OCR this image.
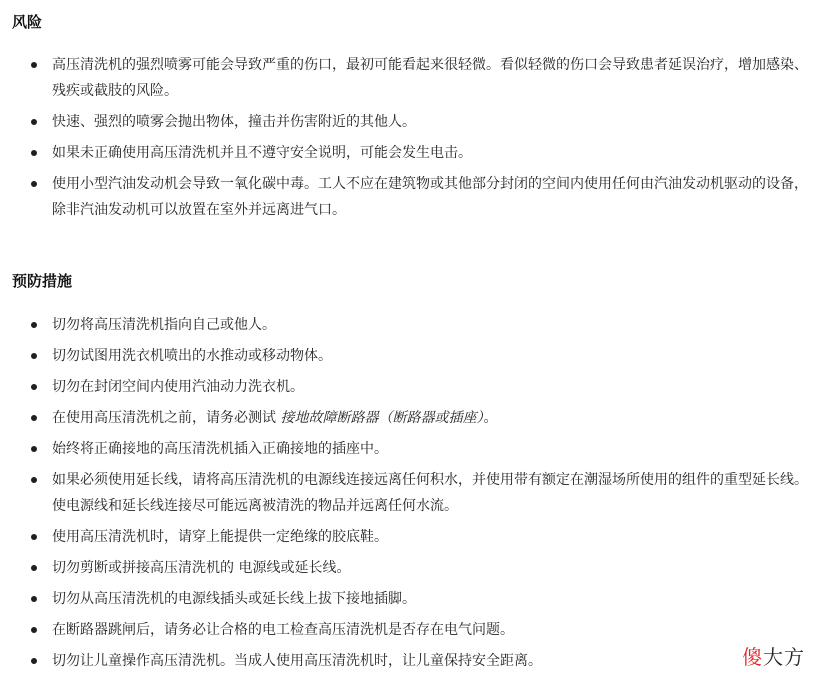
风险
高压清洗机的强烈喷雾可能会导致严重的伤口，最初可能看起来很轻微。看似轻微的伤口会导致患者延误治疗，增加感染、残疾或截肢的风险。
快速、强烈的喷雾会抛出物体，撞击并伤害附近的其他人。
如果未正确使用高压清洗机并且不遵守安全说明，可能会发生电击。
使用小型汽油发动机会导致一氧化碳中毒。工人不应在建筑物或其他部分封闭的空间内使用任何由汽油发动机驱动的设备，除非汽油发动机可以放置在室外并远离进气口。
预防措施
切勿将高压清洗机指向自己或他人。
切勿试图用洗衣机喷出的水推动或移动物体。
切勿在封闭空间内使用汽油动力洗衣机。
在使用高压清洗机之前，请务必测试 接地故障断路器（断路器或插座）。
始终将正确接地的高压清洗机插入正确接地的插座中。
如果必须使用延长线，请将高压清洗机的电源线连接远离任何积水，并使用带有额定在潮湿场所使用的组件的重型延长线。 使电源线和延长线连接尽可能远离被清洗的物品并远离任何水流。
使用高压清洗机时，请穿上能提供一定绝缘的胶底鞋。
切勿剪断或拼接高压清洗机的 电源线或延长线。
切勿从高压清洗机的电源线插头或延长线上拔下接地插脚。
在断路器跳闸后，请务必让合格的电工检查高压清洗机是否存在电气问题。
切勿让儿童操作高压清洗机。当成人使用高压清洗机时，让儿童保持安全距离。	傻大方
